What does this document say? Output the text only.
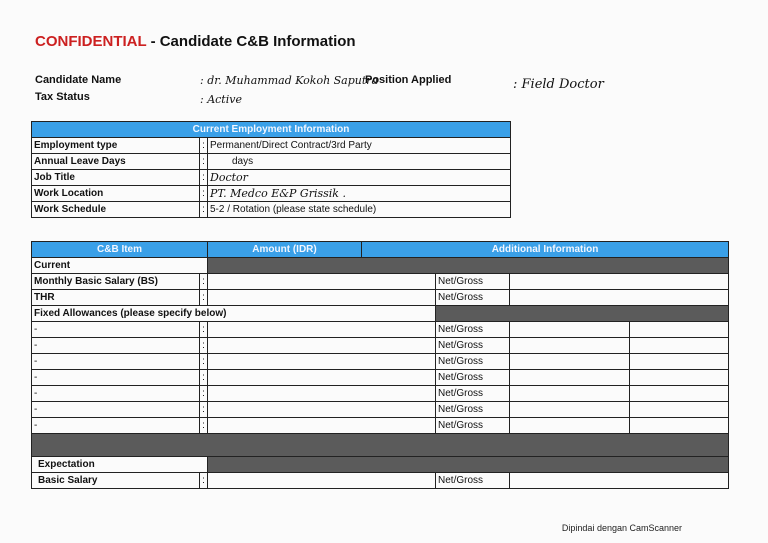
CONFIDENTIAL - Candidate C&B Information
Candidate Name	: dr. Muhammad Kokoh Saputra
Position Applied	: Field Doctor
Tax Status	: Active
Current Employment Information		
Employment type	:	Permanent/Direct Contract/3rd Party
Annual Leave Days	:	days
Job Title	:	Doctor
Work Location	:	PT. Medco E&P Grissik .
Work Schedule	:	5-2 / Rotation (please state schedule)
C&B Item		Amount (IDR)	Additional Information			
Current						
Monthly Basic Salary (BS)	:			Net/Gross		
THR	:			Net/Gross		
Fixed Allowances (please specify below)						
-	:			Net/Gross		
-	:			Net/Gross		
-	:			Net/Gross		
-	:			Net/Gross		
-	:			Net/Gross		
-	:			Net/Gross		
-	:			Net/Gross		

Expectation						
Basic Salary	:			Net/Gross		
Dipindai dengan CamScanner
